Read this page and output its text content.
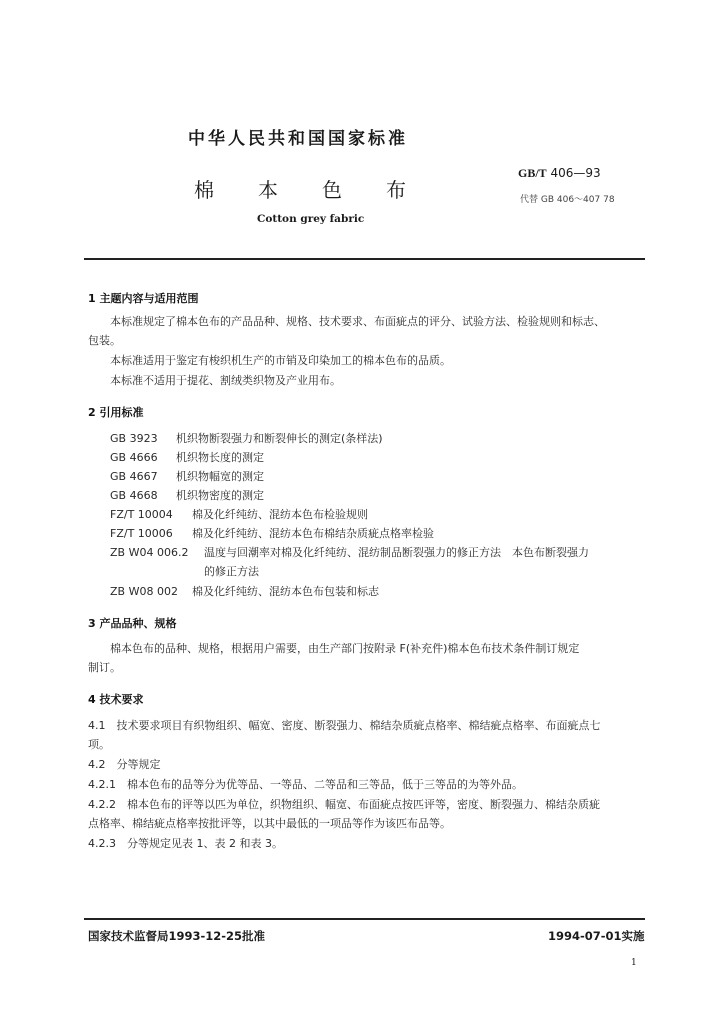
中华人民共和国国家标准
棉 本 色 布
Cotton grey fabric
GB/T 406—93
代替 GB 406～407 78
1 主题内容与适用范围
本标准规定了棉本色布的产品品种、规格、技术要求、布面疵点的评分、试验方法、检验规则和标志、
包装。
本标准适用于鉴定有梭织机生产的市销及印染加工的棉本色布的品质。
本标准不适用于提花、割绒类织物及产业用布。
2 引用标准
GB 3923 机织物断裂强力和断裂伸长的测定(条样法)
GB 4666 机织物长度的测定
GB 4667 机织物幅宽的测定
GB 4668 机织物密度的测定
FZ/T 10004 棉及化纤纯纺、混纺本色布检验规则
FZ/T 10006 棉及化纤纯纺、混纺本色布棉结杂质疵点格率检验
ZB W04 006.2 温度与回潮率对棉及化纤纯纺、混纺制品断裂强力的修正方法　本色布断裂强力
的修正方法
ZB W08 002 棉及化纤纯纺、混纺本色布包装和标志
3 产品品种、规格
棉本色布的品种、规格，根据用户需要，由生产部门按附录 F(补充件)棉本色布技术条件制订规定
制订。
4 技术要求
4.1　技术要求项目有织物组织、幅宽、密度、断裂强力、棉结杂质疵点格率、棉结疵点格率、布面疵点七
项。
4.2　分等规定
4.2.1　棉本色布的品等分为优等品、一等品、二等品和三等品，低于三等品的为等外品。
4.2.2　棉本色布的评等以匹为单位，织物组织、幅宽、布面疵点按匹评等，密度、断裂强力、棉结杂质疵
点格率、棉结疵点格率按批评等，以其中最低的一项品等作为该匹布品等。
4.2.3　分等规定见表 1、表 2 和表 3。
国家技术监督局1993-12-25批准	1994-07-01实施
1
